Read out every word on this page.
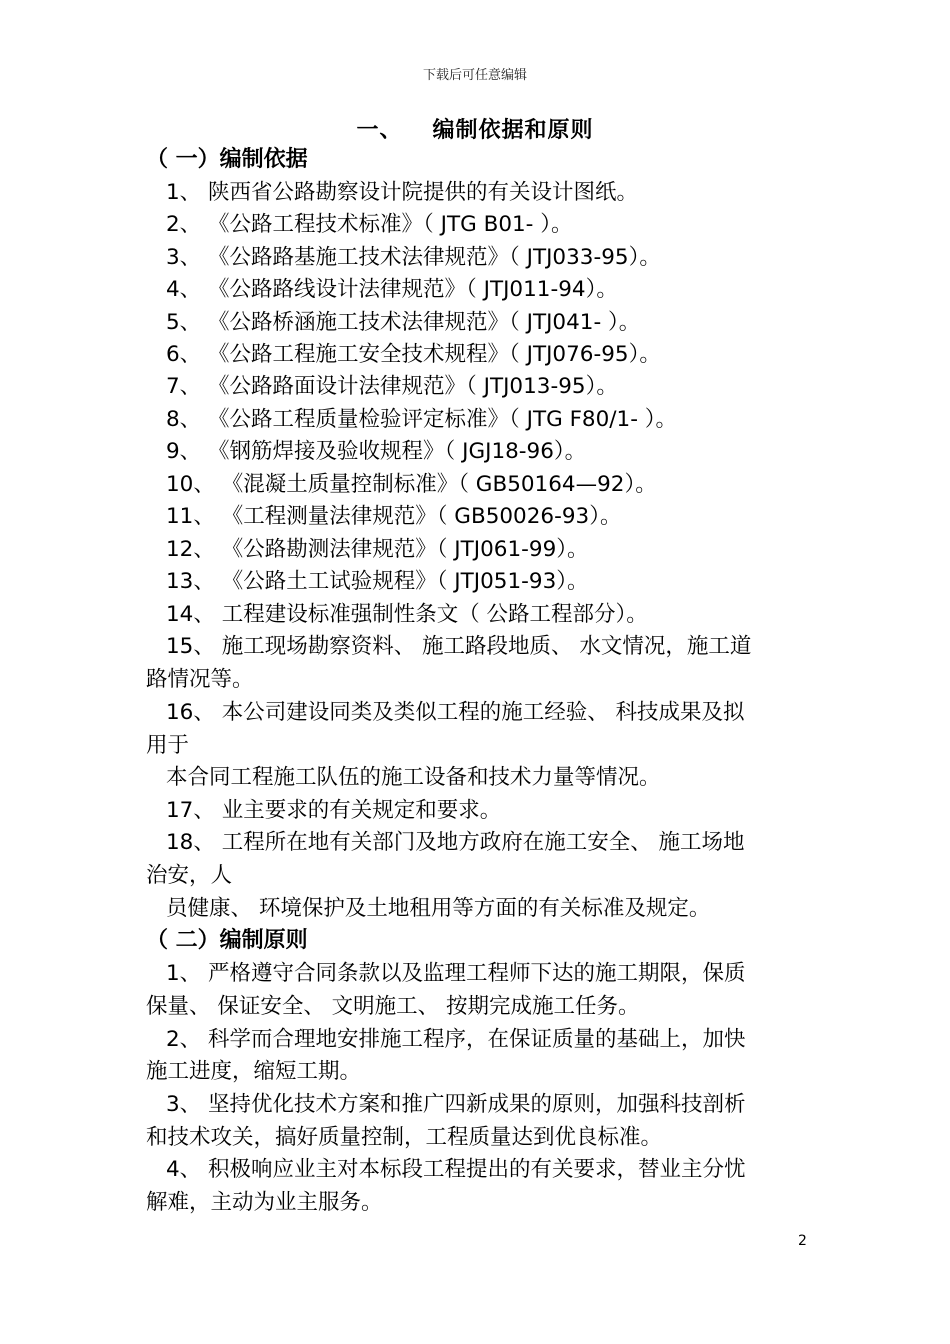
下载后可任意编辑
一、 编制依据和原则
（ 一）编制依据
1、 陕西省公路勘察设计院提供的有关设计图纸。
2、 《公路工程技术标准》（ JTG B01- ）。
3、 《公路路基施工技术法律规范》（ JTJ033-95）。
4、 《公路路线设计法律规范》（ JTJ011-94）。
5、 《公路桥涵施工技术法律规范》（ JTJ041- ）。
6、 《公路工程施工安全技术规程》（ JTJ076-95）。
7、 《公路路面设计法律规范》（ JTJ013-95）。
8、 《公路工程质量检验评定标准》（ JTG F80/1- ）。
9、 《钢筋焊接及验收规程》（ JGJ18-96）。
10、 《混凝土质量控制标准》（ GB50164—92）。
11、 《工程测量法律规范》（ GB50026-93）。
12、 《公路勘测法律规范》（ JTJ061-99）。
13、 《公路土工试验规程》（ JTJ051-93）。
14、 工程建设标准强制性条文（ 公路工程部分）。
15、 施工现场勘察资料、 施工路段地质、 水文情况，施工道
路情况等。
16、 本公司建设同类及类似工程的施工经验、 科技成果及拟
用于
本合同工程施工队伍的施工设备和技术力量等情况。
17、 业主要求的有关规定和要求。
18、 工程所在地有关部门及地方政府在施工安全、 施工场地
治安，人
员健康、 环境保护及土地租用等方面的有关标准及规定。
（ 二）编制原则
1、 严格遵守合同条款以及监理工程师下达的施工期限，保质
保量、 保证安全、 文明施工、 按期完成施工任务。
2、 科学而合理地安排施工程序，在保证质量的基础上，加快
施工进度，缩短工期。
3、 坚持优化技术方案和推广四新成果的原则，加强科技剖析
和技术攻关，搞好质量控制，工程质量达到优良标准。
4、 积极响应业主对本标段工程提出的有关要求，替业主分忧
解难，主动为业主服务。
2
